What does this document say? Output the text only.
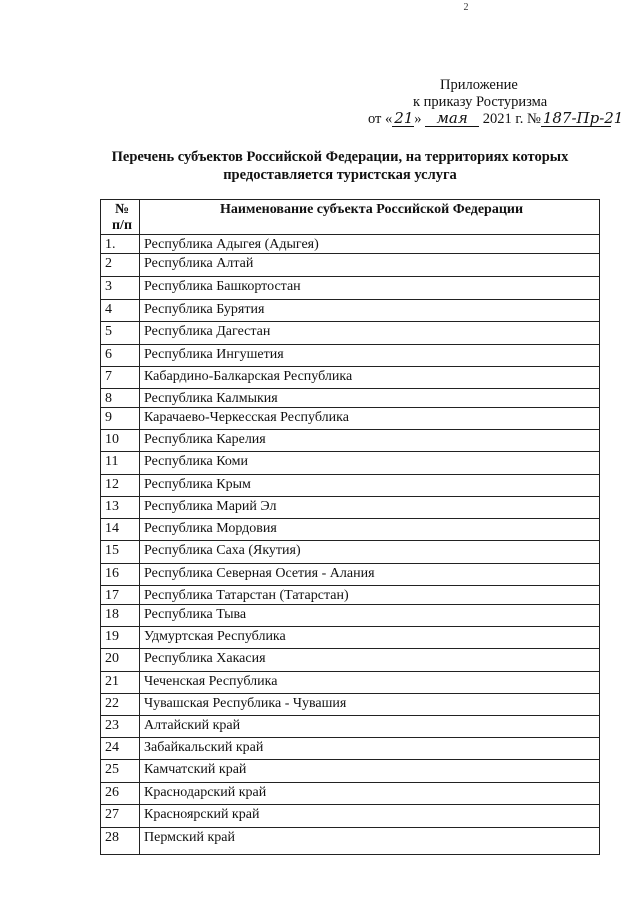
2
Приложение
к приказу Ростуризма
от « 21» мая 2021 г. № 187-Пр-21
Перечень субъектов Российской Федерации, на территориях которых
предоставляется туристская услуга
№
п/п	Наименование субъекта Российской Федерации
1.	Республика Адыгея (Адыгея)
2	Республика Алтай
3	Республика Башкортостан
4	Республика Бурятия
5	Республика Дагестан
6	Республика Ингушетия
7	Кабардино-Балкарская Республика
8	Республика Калмыкия
9	Карачаево-Черкесская Республика
10	Республика Карелия
11	Республика Коми
12	Республика Крым
13	Республика Марий Эл
14	Республика Мордовия
15	Республика Саха (Якутия)
16	Республика Северная Осетия - Алания
17	Республика Татарстан (Татарстан)
18	Республика Тыва
19	Удмуртская Республика
20	Республика Хакасия
21	Чеченская Республика
22	Чувашская Республика - Чувашия
23	Алтайский край
24	Забайкальский край
25	Камчатский край
26	Краснодарский край
27	Красноярский край
28	Пермский край
